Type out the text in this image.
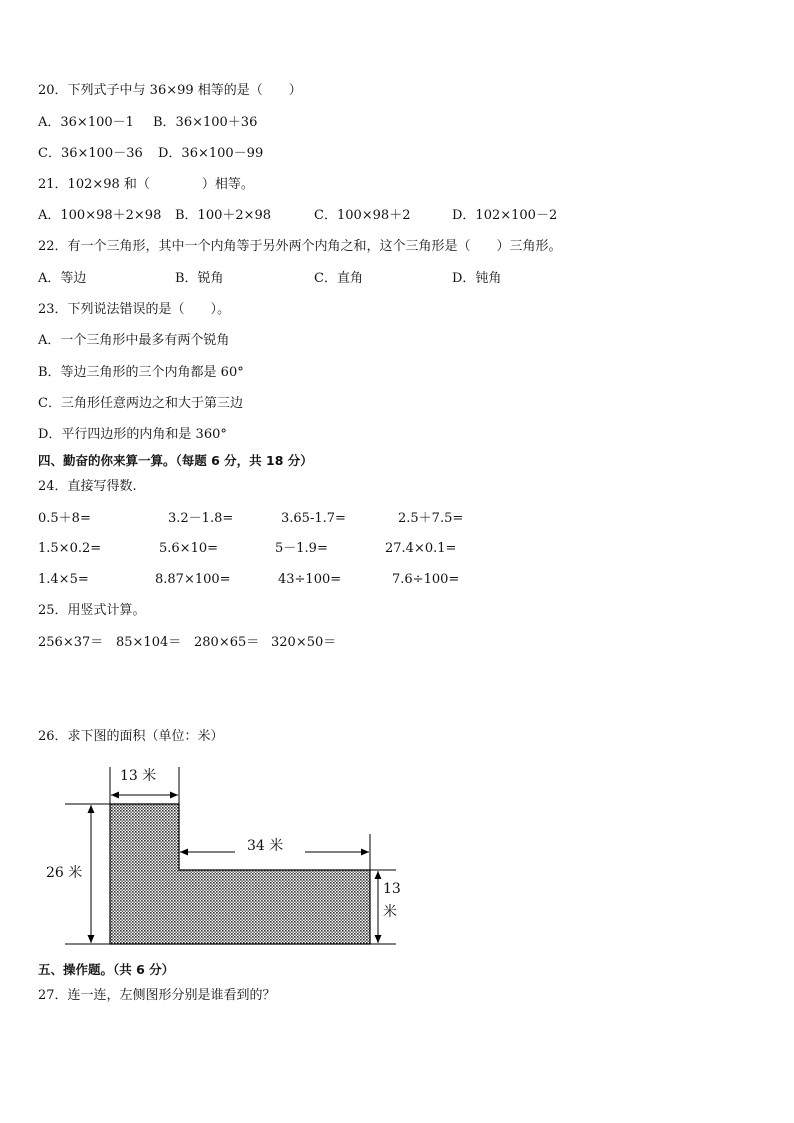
20．下列式子中与 36×99 相等的是（　　）
A．36×100－1 B．36×100＋36
C．36×100－36 D．36×100－99
21．102×98 和（　　　　）相等。
A．100×98＋2×98 B．100＋2×98	C．100×98＋2	D．102×100－2
22．有一个三角形，其中一个内角等于另外两个内角之和，这个三角形是（　　）三角形。
A．等边	B．锐角	C．直角	D．钝角
23．下列说法错误的是（　　）。
A．一个三角形中最多有两个锐角
B．等边三角形的三个内角都是 60°
C．三角形任意两边之和大于第三边
D．平行四边形的内角和是 360°
四、勤奋的你来算一算。（每题 6 分，共 18 分）
24．直接写得数.
0.5＋8=	3.2－1.8=	3.65-1.7=	2.5＋7.5=
1.5×0.2=	5.6×10=	5－1.9=	27.4×0.1=
1.4×5=	8.87×100=	43÷100=	7.6÷100=
25．用竖式计算。
256×37＝ 85×104＝ 280×65＝ 320×50＝
26．求下图的面积（单位：米）
13 米
34 米
26 米
13
米
五、操作题。（共 6 分）
27．连一连，左侧图形分别是谁看到的？
